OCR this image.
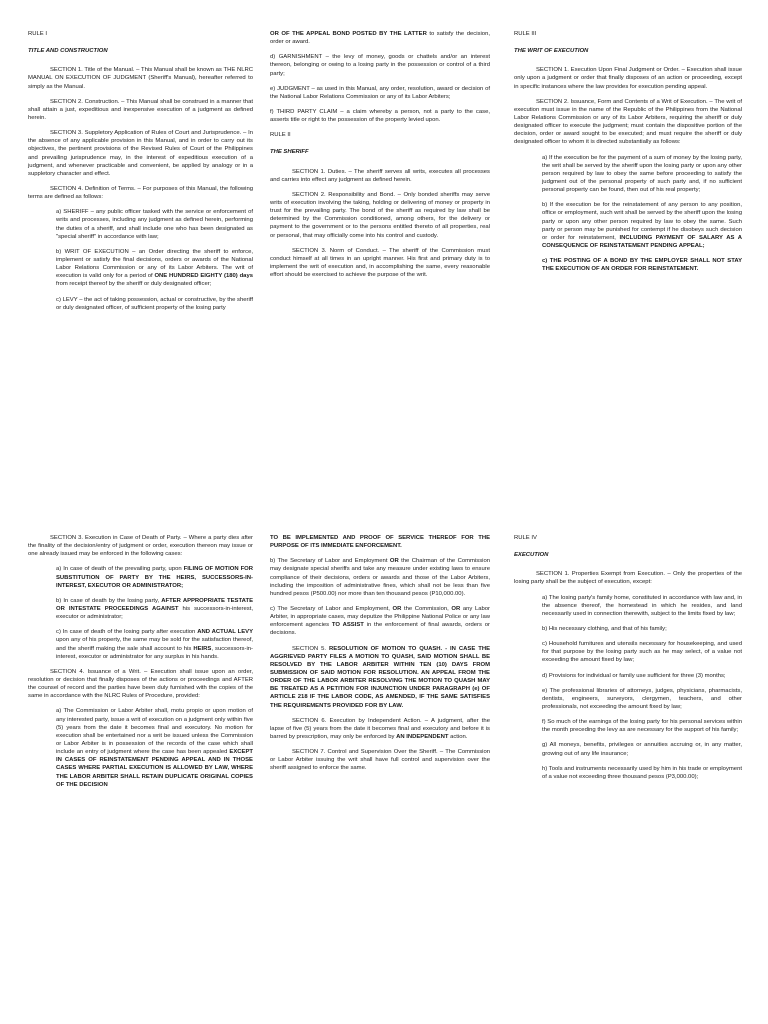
RULE I

TITLE AND CONSTRUCTION

SECTION 1. Title of the Manual. – This Manual shall be known as THE NLRC MANUAL ON EXECUTION OF JUDGMENT (Sheriff's Manual), hereafter referred to simply as the Manual.

SECTION 2. Construction. – This Manual shall be construed in a manner that shall attain a just, expeditious and inexpensive execution of a judgment as defined herein.

SECTION 3. Suppletory Application of Rules of Court and Jurisprudence. – In the absence of any applicable provision in this Manual, and in order to carry out its objectives, the pertinent provisions of the Revised Rules of Court of the Philippines and prevailing jurisprudence may, in the interest of expeditious execution of a judgment, and whenever practicable and convenient, be applied by analogy or in a suppletory character and effect.

SECTION 4. Definition of Terms. – For purposes of this Manual, the following terms are defined as follows:

a) SHERIFF – any public officer tasked with the service or enforcement of writs and processes, including any judgment as defined herein, performing the duties of a sheriff, and shall include one who has been designated as "special sheriff" in accordance with law;

b) WRIT OF EXECUTION – an Order directing the sheriff to enforce, implement or satisfy the final decisions, orders or awards of the National Labor Relations Commission or any of its Labor Arbiters. The writ of execution is valid only for a period of ONE HUNDRED EIGHTY (180) days from receipt thereof by the sheriff or duly designated officer;

c) LEVY – the act of taking possession, actual or constructive, by the sheriff or duly designated officer, of sufficient property of the losing party

OR OF THE APPEAL BOND POSTED BY THE LATTER to satisfy the decision, order or award.

d) GARNISHMENT – the levy of money, goods or chattels and/or an interest thereon, belonging or owing to a losing party in the possession or control of a third party;

e) JUDGMENT – as used in this Manual, any order, resolution, award or decision of the National Labor Relations Commission or any of its Labor Arbiters;

f) THIRD PARTY CLAIM – a claim whereby a person, not a party to the case, asserts title or right to the possession of the property levied upon.

RULE II

THE SHERIFF

SECTION 1. Duties. – The sheriff serves all writs, executes all processes and carries into effect any judgment as defined herein.

SECTION 2. Responsibility and Bond. – Only bonded sheriffs may serve writs of execution involving the taking, holding or delivering of money or property in trust for the prevailing party. The bond of the sheriff as required by law shall be determined by the Commission conditioned, among others, for the delivery or payment to the government or to the persons entitled thereto of all properties, real or personal, that may officially come into his control and custody.

SECTION 3. Norm of Conduct. – The sheriff of the Commission must conduct himself at all times in an upright manner. His first and primary duty is to implement the writ of execution and, in accomplishing the same, every reasonable effort should be exercised to achieve the purpose of the writ.

RULE III

THE WRIT OF EXECUTION

SECTION 1. Execution Upon Final Judgment or Order. – Execution shall issue only upon a judgment or order that finally disposes of an action or proceeding, except in specific instances where the law provides for execution pending appeal.

SECTION 2. Issuance, Form and Contents of a Writ of Execution. – The writ of execution must issue in the name of the Republic of the Philippines from the National Labor Relations Commission or any of its Labor Arbiters, requiring the sheriff or duly designated officer to execute the judgment; must contain the dispositive portion of the decision, order or award sought to be executed; and must require the sheriff or duly designated officer to whom it is directed substantially as follows:

a) If the execution be for the payment of a sum of money by the losing party, the writ shall be served by the sheriff upon the losing party or upon any other person required by law to obey the same before proceeding to satisfy the judgment out of the personal property of such party and, if no sufficient personal property can be found, then out of his real property;

b) If the execution be for the reinstatement of any person to any position, office or employment, such writ shall be served by the sheriff upon the losing party or upon any other person required by law to obey the same. Such party or person may be punished for contempt if he disobeys such decision or order for reinstatement, INCLUDING PAYMENT OF SALARY AS A CONSEQUENCE OF REINSTATEMENT PENDING APPEAL;

c) THE POSTING OF A BOND BY THE EMPLOYER SHALL NOT STAY THE EXECUTION OF AN ORDER FOR REINSTATEMENT.

SECTION 3. Execution in Case of Death of Party. – Where a party dies after the finality of the decision/entry of judgment or order, execution thereon may issue or one already issued may be enforced in the following cases:

a) In case of death of the prevailing party, upon FILING OF MOTION FOR SUBSTITUTION OF PARTY BY THE HEIRS, SUCCESSORS-IN-INTEREST, EXECUTOR OR ADMINISTRATOR;

b) In case of death by the losing party, AFTER APPROPRIATE TESTATE OR INTESTATE PROCEEDINGS AGAINST his successors-in-interest, executor or administrator;

c) In case of death of the losing party after execution AND ACTUAL LEVY upon any of his property, the same may be sold for the satisfaction thereof, and the sheriff making the sale shall account to his HEIRS, successors-in-interest, executor or administrator for any surplus in his hands.

SECTION 4. Issuance of a Writ. – Execution shall issue upon an order, resolution or decision that finally disposes of the actions or proceedings and AFTER the counsel of record and the parties have been duly furnished with the copies of the same in accordance with the NLRC Rules of Procedure, provided:

a) The Commission or Labor Arbiter shall, motu propio or upon motion of any interested party, issue a writ of execution on a judgment only within five (5) years from the date it becomes final and executory. No motion for execution shall be entertained nor a writ be issued unless the Commission or Labor Arbiter is in possession of the records of the case which shall include an entry of judgment where the case has been appealed EXCEPT IN CASES OF REINSTATEMENT PENDING APPEAL AND IN THOSE CASES WHERE PARTIAL EXECUTION IS ALLOWED BY LAW, WHERE THE LABOR ARBITER SHALL RETAIN DUPLICATE ORIGINAL COPIES OF THE DECISION

TO BE IMPLEMENTED AND PROOF OF SERVICE THEREOF FOR THE PURPOSE OF ITS IMMEDIATE ENFORCEMENT.

b) The Secretary of Labor and Employment OR the Chairman of the Commission may designate special sheriffs and take any measure under existing laws to ensure compliance of their decisions, orders or awards and those of the Labor Arbiters, including the imposition of administrative fines, which shall not be less than five hundred pesos (P500.00) nor more than ten thousand pesos (P10,000.00).

c) The Secretary of Labor and Employment, OR the Commission, OR any Labor Arbiter, in appropriate cases, may deputize the Philippine National Police or any law enforcement agencies TO ASSIST in the enforcement of final awards, orders or decisions.

SECTION 5. RESOLUTION OF MOTION TO QUASH. - IN CASE THE AGGRIEVED PARTY FILES A MOTION TO QUASH, SAID MOTION SHALL BE RESOLVED BY THE LABOR ARBITER WITHIN TEN (10) DAYS FROM SUBMISSION OF SAID MOTION FOR RESOLUTION. AN APPEAL FROM THE ORDER OF THE LABOR ARBITER RESOLVING THE MOTION TO QUASH MAY BE TREATED AS A PETITION FOR INJUNCTION UNDER PARAGRAPH (e) OF ARTICLE 218 IF THE LABOR CODE, AS AMENDED, IF THE SAME SATISFIES THE REQUIREMENTS PROVIDED FOR BY LAW.

SECTION 6. Execution by Independent Action. – A judgment, after the lapse of five (5) years from the date it becomes final and executory and before it is barred by prescription, may only be enforced by AN INDEPENDENT action.

SECTION 7. Control and Supervision Over the Sheriff. – The Commission or Labor Arbiter issuing the writ shall have full control and supervision over the sheriff assigned to enforce the same.

RULE IV

EXECUTION

SECTION 1. Properties Exempt from Execution. – Only the properties of the losing party shall be the subject of execution, except:

a) The losing party's family home, constituted in accordance with law and, in the absence thereof, the homestead in which he resides, and land necessarily used in connection therewith, subject to the limits fixed by law;

b) His necessary clothing, and that of his family;

c) Household furnitures and utensils necessary for housekeeping, and used for that purpose by the losing party such as he may select, of a value not exceeding the amount fixed by law;

d) Provisions for individual or family use sufficient for three (3) months;

e) The professional libraries of attorneys, judges, physicians, pharmacists, dentists, engineers, surveyors, clergymen, teachers, and other professionals, not exceeding the amount fixed by law;

f) So much of the earnings of the losing party for his personal services within the month preceding the levy as are necessary for the support of his family;

g) All moneys, benefits, privileges or annuities accruing or, in any matter, growing out of any life insurance;

h) Tools and instruments necessarily used by him in his trade or employment of a value not exceeding three thousand pesos (P3,000.00);
